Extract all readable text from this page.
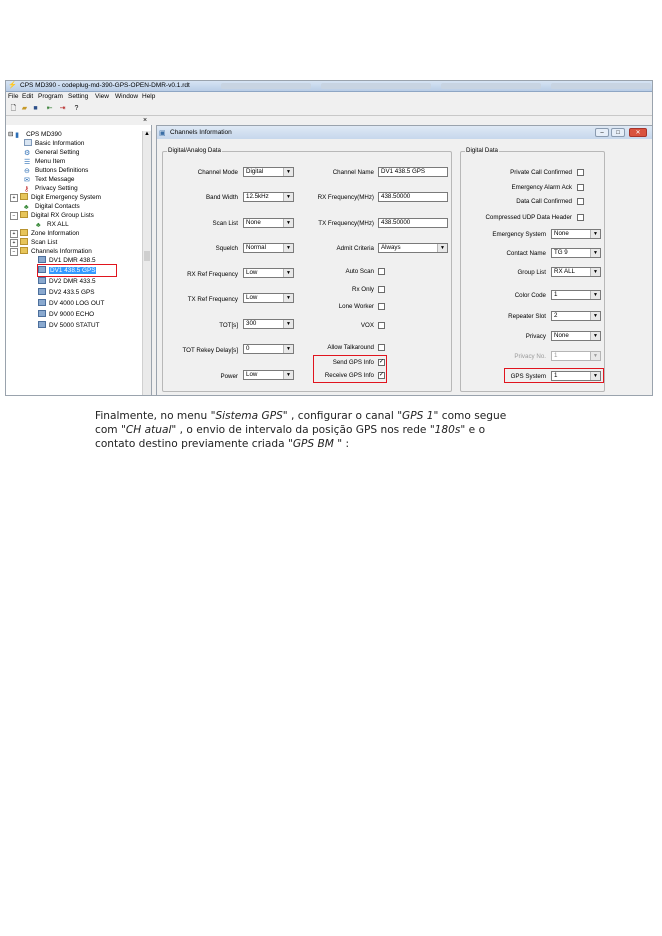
⚡ CPS MD390 - codeplug-md-390-GPS-OPEN-DMR-v0.1.rdt
File Edit Program Setting View Window Help
🗋 ▰ ■	⇤ ⇥	?
×
⊟ ▮ CPS MD390
Basic Information
⚙ General Setting
☰ Menu Item
⊖ Buttons Definitions
✉ Text Message
⚷ Privacy Setting
+ Digit Emergency System
♣ Digital Contacts
− Digital RX Group Lists
♣ RX ALL
+ Zone Information
+ Scan List
− Channels Information
DV1 DMR 438.5
DV1 438.5 GPS
DV2 DMR 433.5
DV2 433.5 GPS
DV 4000 LOG OUT
DV 9000 ECHO
DV 5000 STATUT
▲ ▣ Channels Information	–	□	✕
Digital/Analog Data
Channel Mode	Digital	▼
Band Width	12.5kHz	▼
Scan List	None	▼
Squelch	Normal	▼
RX Ref Frequency	Low	▼
TX Ref Frequency	Low	▼
TOT[s]	300	▼
TOT Rekey Delay[s]	0	▼
Power	Low	▼
Channel Name	DV1 438.5 GPS
RX Frequency(MHz)	438.50000
TX Frequency(MHz)	438.50000
Admit Criteria	Always	▼
Auto Scan
Rx Only
Lone Worker
VOX
Allow Talkaround
Send GPS Info ✓
Receive GPS Info ✓
Digital Data
Private Call Confirmed
Emergency Alarm Ack
Data Call Confirmed
Compressed UDP Data Header
Emergency System	None	▼
Contact Name	TG 9	▼
Group List	RX ALL	▼
Color Code	1	▼
Repeater Slot	2	▼
Privacy	None	▼
Privacy No.	1	▼
GPS System	1	▼
Finalmente, no menu "Sistema GPS" , configurar o canal "GPS 1" como segue
com "CH atual" , o envio de intervalo da posição GPS nos rede "180s" e o
contato destino previamente criada "GPS BM " :
